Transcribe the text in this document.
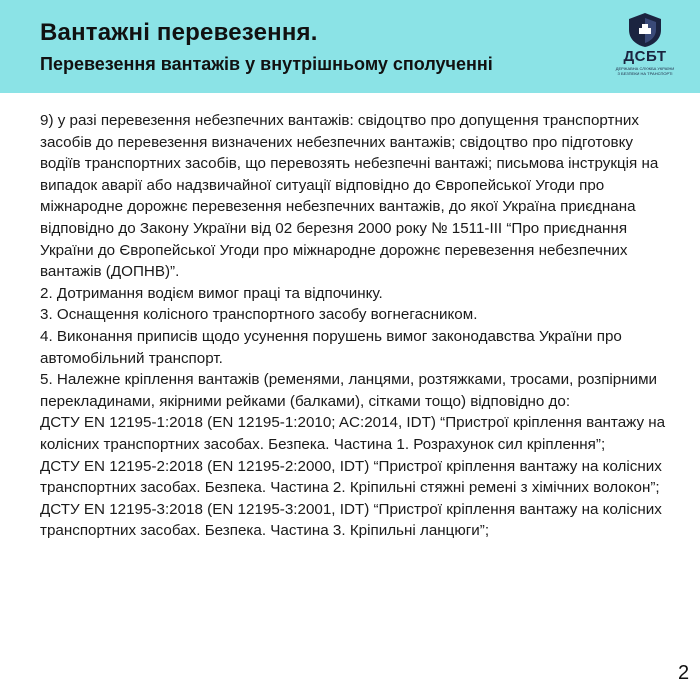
Вантажні перевезення.
Перевезення вантажів у внутрішньому сполученні	ДСБТ
ДЕРЖАВНА СЛУЖБА УКРАЇНИ З БЕЗПЕКИ НА ТРАНСПОРТІ

9) у разі перевезення небезпечних вантажів: свідоцтво про допущення транспортних засобів до перевезення визначених небезпечних вантажів; свідоцтво про підготовку водіїв транспортних засобів, що перевозять небезпечні вантажі; письмова інструкція на випадок аварії або надзвичайної ситуації відповідно до Європейської Угоди про міжнародне дорожнє перевезення небезпечних вантажів, до якої Україна приєднана відповідно до Закону України від 02 березня 2000 року № 1511-III “Про приєднання України до Європейської Угоди про міжнародне дорожнє перевезення небезпечних вантажів (ДОПНВ)”.

2. Дотримання водієм вимог праці та відпочинку.

3. Оснащення колісного транспортного засобу вогнегасником.

4. Виконання приписів щодо усунення порушень вимог законодавства України про автомобільний транспорт.

5. Належне кріплення вантажів (ременями, ланцями, розтяжками, тросами, розпірними перекладинами, якірними рейками (балками), сітками тощо) відповідно до:

ДСТУ EN 12195-1:2018 (EN 12195-1:2010; AC:2014, IDT) “Пристрої кріплення вантажу на колісних транспортних засобах. Безпека. Частина 1. Розрахунок сил кріплення”;

ДСТУ EN 12195-2:2018 (EN 12195-2:2000, IDT) “Пристрої кріплення вантажу на колісних транспортних засобах. Безпека. Частина 2. Кріпильні стяжні ремені з хімічних волокон”;

ДСТУ EN 12195-3:2018 (EN 12195-3:2001, IDT) “Пристрої кріплення вантажу на колісних транспортних засобах. Безпека. Частина 3. Кріпильні ланцюги”;

2
